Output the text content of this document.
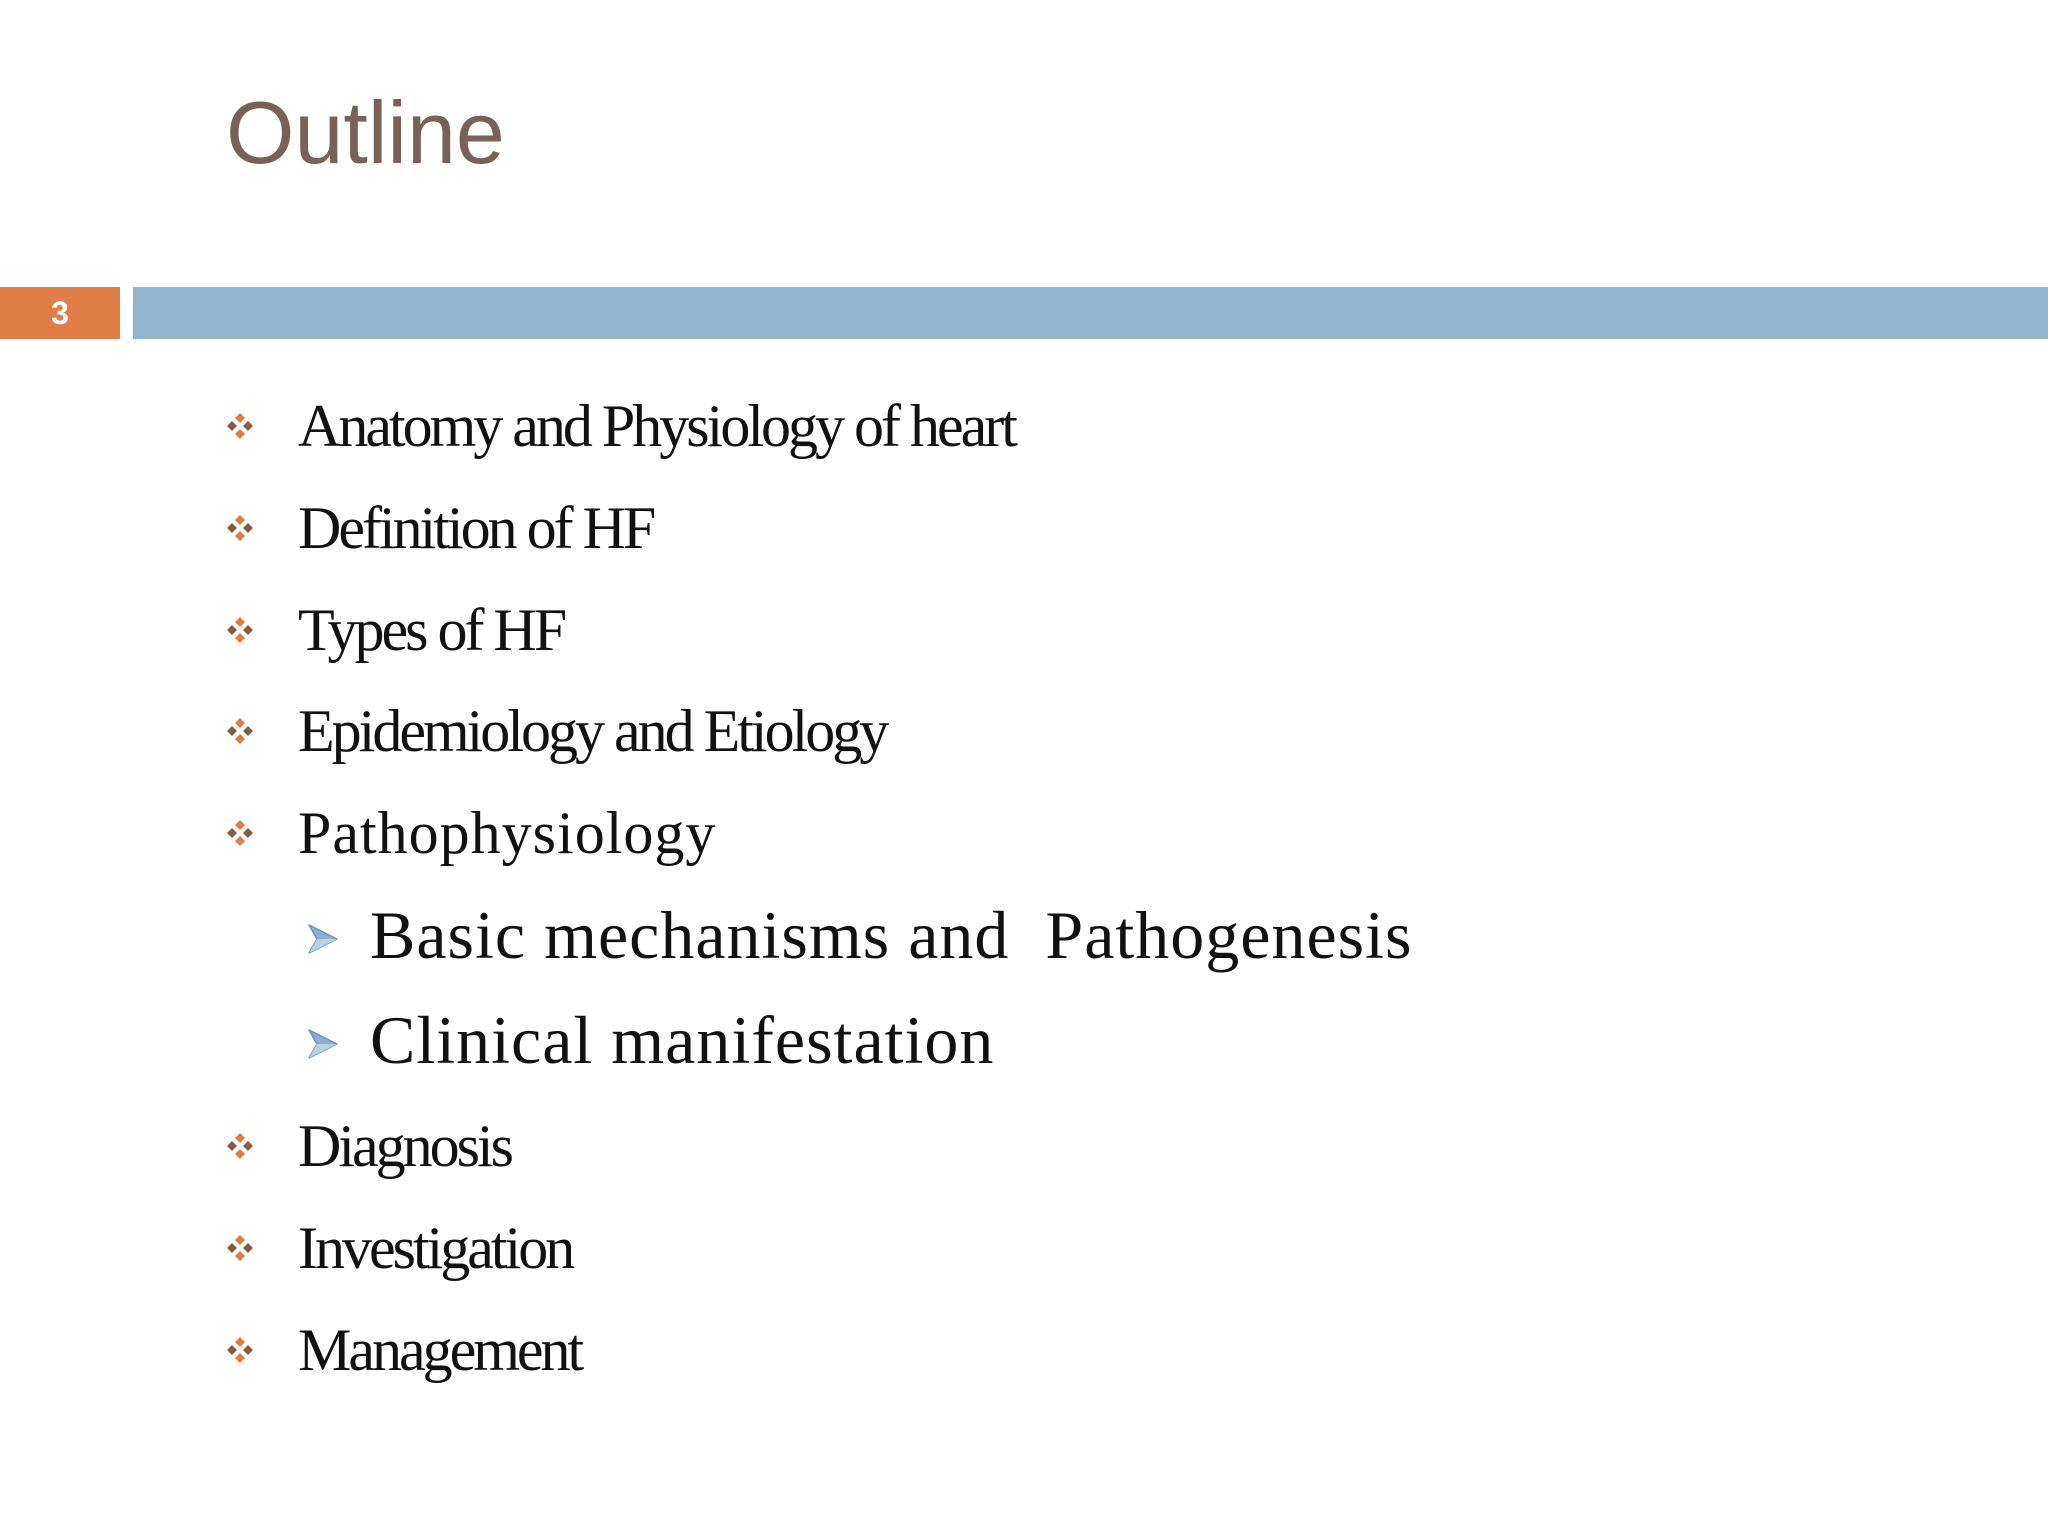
Outline
3
Anatomy and Physiology of heart
Definition of HF
Types of HF
Epidemiology and Etiology
Pathophysiology
Basic mechanisms and  Pathogenesis
Clinical manifestation
Diagnosis
Investigation
Management
